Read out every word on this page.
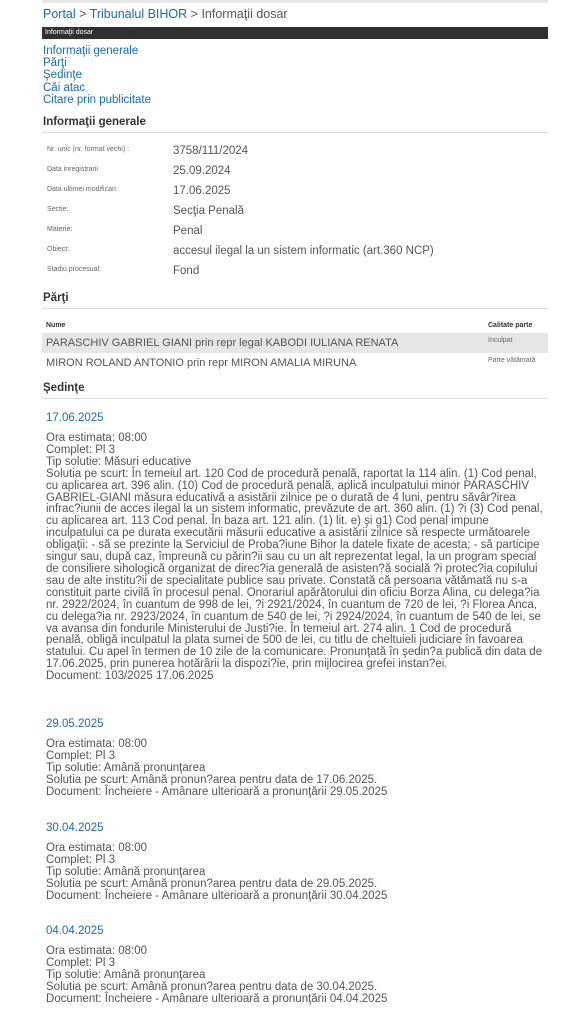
Portal > Tribunalul BIHOR > Informaţii dosar
Informaţii dosar
Informaţii generale
Părţi
Şedinţe
Căi atac
Citare prin publicitate
Informaţii generale
Nr. unic (nr. format vechi) :	3758/111/2024
Data inregistrarii	25.09.2024
Data ultimei modificari:	17.06.2025
Sectie:	Secţia Penală
Materie:	Penal
Obiect:	accesul ilegal la un sistem informatic (art.360 NCP)
Stadiu procesual:	Fond
Părţi
Nume	Calitate parte
PARASCHIV GABRIEL GIANI prin repr legal KABODI IULIANA RENATA	Inculpat
MIRON ROLAND ANTONIO prin repr MIRON AMALIA MIRUNA	Parte vătămată
Şedinţe
17.06.2025
Ora estimata: 08:00
Complet: Pl 3
Tip solutie: Măsuri educative
Solutia pe scurt: În temeiul art. 120 Cod de procedură penală, raportat la 114 alin. (1) Cod penal, cu aplicarea art. 396 alin. (10) Cod de procedură penală, aplică inculpatului minor PARASCHIV GABRIEL-GIANI măsura educativă a asistării zilnice pe o durată de 4 luni, pentru săvâr?irea infrac?iunii de acces ilegal la un sistem informatic, prevăzute de art. 360 alin. (1) ?i (3) Cod penal, cu aplicarea art. 113 Cod penal. În baza art. 121 alin. (1) lit. e) şi g1) Cod penal impune inculpatului ca pe durata executării măsurii educative a asistării zilnice să respecte următoarele obligaţii: - să se prezinte la Serviciul de Proba?iune Bihor la datele fixate de acesta; - să participe singur sau, după caz, împreună cu părin?ii sau cu un alt reprezentat legal, la un program special de consiliere sihologică organizat de direc?ia generală de asisten?ă socială ?i protec?ia copilului sau de alte institu?ii de specialitate publice sau private. Constată că persoana vătămată nu s-a constituit parte civilă în procesul penal. Onorariul apărătorului din oficiu Borza Alina, cu delega?ia nr. 2922/2024, în cuantum de 998 de lei, ?i 2921/2024, în cuantum de 720 de lei, ?i Florea Anca, cu delega?ia nr. 2923/2024, în cuantum de 540 de lei, ?i 2924/2024, în cuantum de 540 de lei, se va avansa din fondurile Ministerului de Justi?ie. În temeiul art. 274 alin. 1 Cod de procedură penală, obligă inculpatul la plata sumei de 500 de lei, cu titlu de cheltuieli judiciare în favoarea statului. Cu apel în termen de 10 zile de la comunicare. Pronunţată în şedin?a publică din data de 17.06.2025, prin punerea hotărârii la dispozi?ie, prin mijlocirea grefei instan?ei.
Document: 103/2025 17.06.2025
29.05.2025
Ora estimata: 08:00
Complet: Pl 3
Tip solutie: Amână pronunţarea
Solutia pe scurt: Amână pronun?area pentru data de 17.06.2025.
Document: Încheiere - Amânare ulterioară a pronunţării 29.05.2025
30.04.2025
Ora estimata: 08:00
Complet: Pl 3
Tip solutie: Amână pronunţarea
Solutia pe scurt: Amână pronun?area pentru data de 29.05.2025.
Document: Încheiere - Amânare ulterioară a pronunţării 30.04.2025
04.04.2025
Ora estimata: 08:00
Complet: Pl 3
Tip solutie: Amână pronunţarea
Solutia pe scurt: Amână pronun?area pentru data de 30.04.2025.
Document: Încheiere - Amânare ulterioară a pronunţării 04.04.2025
